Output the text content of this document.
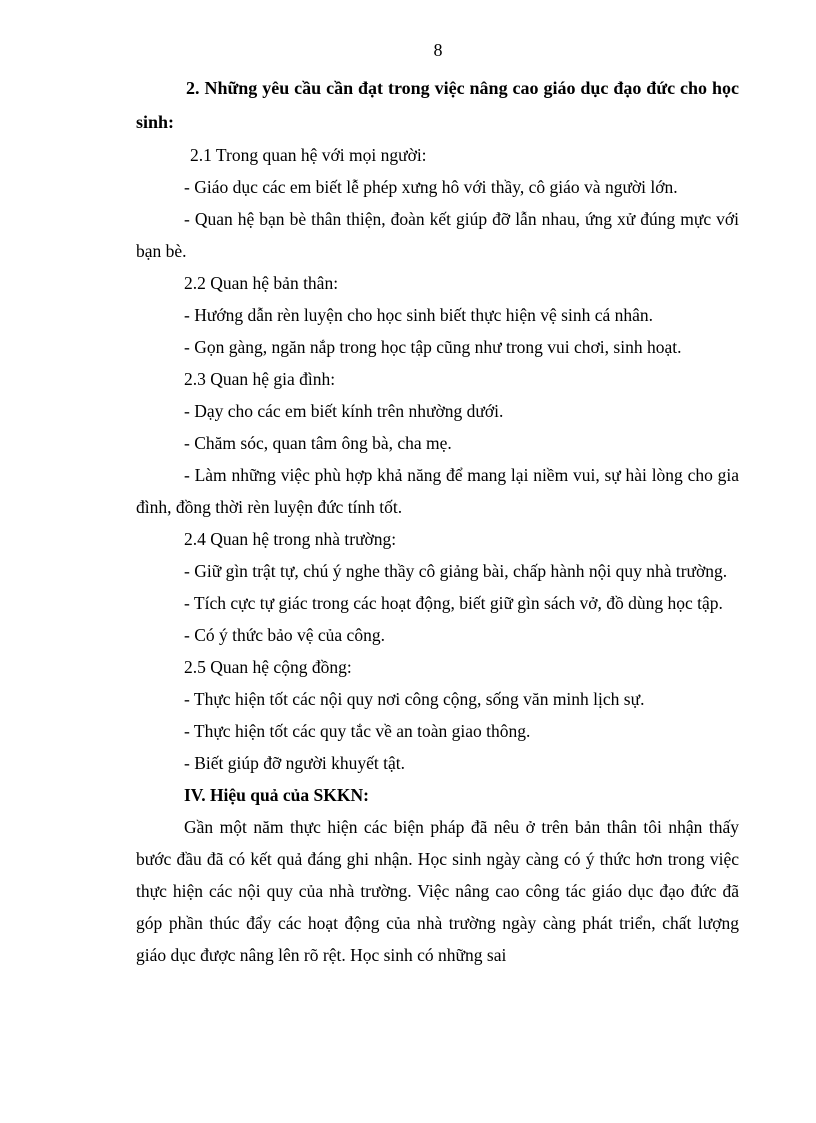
8

2. Những yêu cầu cần đạt trong việc nâng cao giáo dục đạo đức cho học sinh:

2.1 Trong quan hệ với mọi người:

- Giáo dục các em biết lễ phép xưng hô với thầy, cô giáo và người lớn.

- Quan hệ bạn bè thân thiện, đoàn kết giúp đỡ lẫn nhau, ứng xử đúng mực với bạn bè.

2.2 Quan hệ bản thân:

- Hướng dẫn rèn luyện cho học sinh biết thực hiện vệ sinh cá nhân.

- Gọn gàng, ngăn nắp trong học tập cũng như trong vui chơi, sinh hoạt.

2.3 Quan hệ gia đình:

- Dạy cho các em biết kính trên nhường dưới.

- Chăm sóc, quan tâm ông bà, cha mẹ.

- Làm những việc phù hợp khả năng để mang lại niềm vui, sự hài lòng cho gia đình, đồng thời rèn luyện đức tính tốt.

2.4 Quan hệ trong nhà trường:

- Giữ gìn trật tự, chú ý nghe thầy cô giảng bài, chấp hành nội quy nhà trường.

- Tích cực tự giác trong các hoạt động, biết giữ gìn sách vở, đồ dùng học tập.

- Có ý thức bảo vệ của công.

2.5 Quan hệ cộng đồng:

- Thực hiện tốt các nội quy nơi công cộng, sống văn minh lịch sự.

- Thực hiện tốt các quy tắc về an toàn giao thông.

- Biết giúp đỡ người khuyết tật.

IV. Hiệu quả của SKKN:

Gần một năm thực hiện các biện pháp đã nêu ở trên bản thân tôi nhận thấy bước đầu đã có kết quả đáng ghi nhận. Học sinh ngày càng có ý thức hơn trong việc thực hiện các nội quy của nhà trường. Việc nâng cao công tác giáo dục đạo đức đã góp phần thúc đẩy các hoạt động của nhà trường ngày càng phát triển, chất lượng giáo dục được nâng lên rõ rệt. Học sinh có những sai
